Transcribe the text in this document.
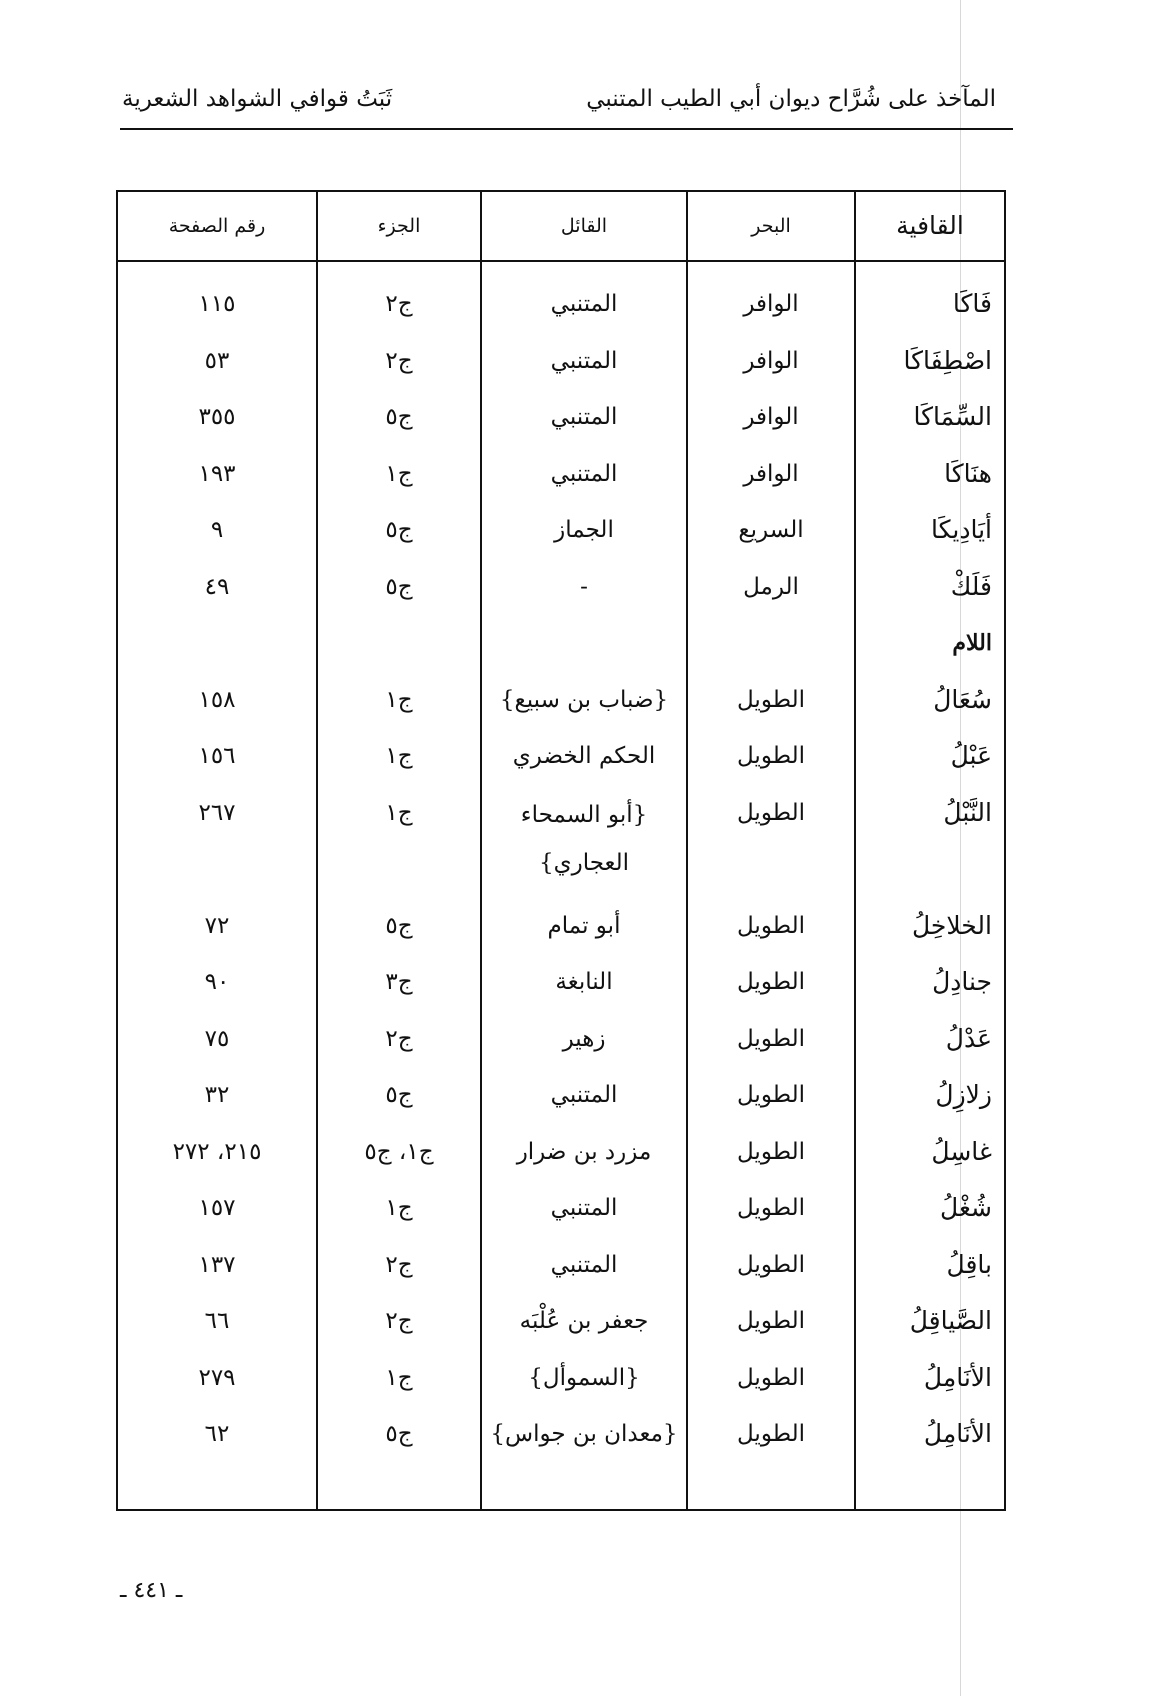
المآخذ على شُرَّاح ديوان أبي الطيب المتنبي
ثَبَتُ قوافي الشواهد الشعرية
القافية
البحر
القائل
الجزء
رقم الصفحة
فَاكَا
الوافر
المتنبي
ج٢
١١٥
اصْطِفَاكَا
الوافر
المتنبي
ج٢
٥٣
السِّمَاكَا
الوافر
المتنبي
ج٥
٣٥٥
هنَاكَا
الوافر
المتنبي
ج١
١٩٣
أيَادِيكَا
السريع
الجماز
ج٥
٩
فَلَكْ
الرمل
-
ج٥
٤٩
اللام
سُعَالُ
الطويل
{ضباب بن سبيع}
ج١
١٥٨
عَبْلُ
الطويل
الحكم الخضري
ج١
١٥٦
النَّبْلُ
الطويل
{أبو السمحاء
العجاري}
ج١
٢٦٧
الخلاخِلُ
الطويل
أبو تمام
ج٥
٧٢
جنادِلُ
الطويل
النابغة
ج٣
٩٠
عَدْلُ
الطويل
زهير
ج٢
٧٥
زلازِلُ
الطويل
المتنبي
ج٥
٣٢
غاسِلُ
الطويل
مزرد بن ضرار
ج١، ج٥
٢١٥، ٢٧٢
شُغْلُ
الطويل
المتنبي
ج١
١٥٧
باقِلُ
الطويل
المتنبي
ج٢
١٣٧
الصَّياقِلُ
الطويل
جعفر بن عُلْبَه
ج٢
٦٦
الأنَامِلُ
الطويل
{السموأل}
ج١
٢٧٩
الأنَامِلُ
الطويل
{معدان بن جواس}
ج٥
٦٢
ـ ٤٤١ ـ
